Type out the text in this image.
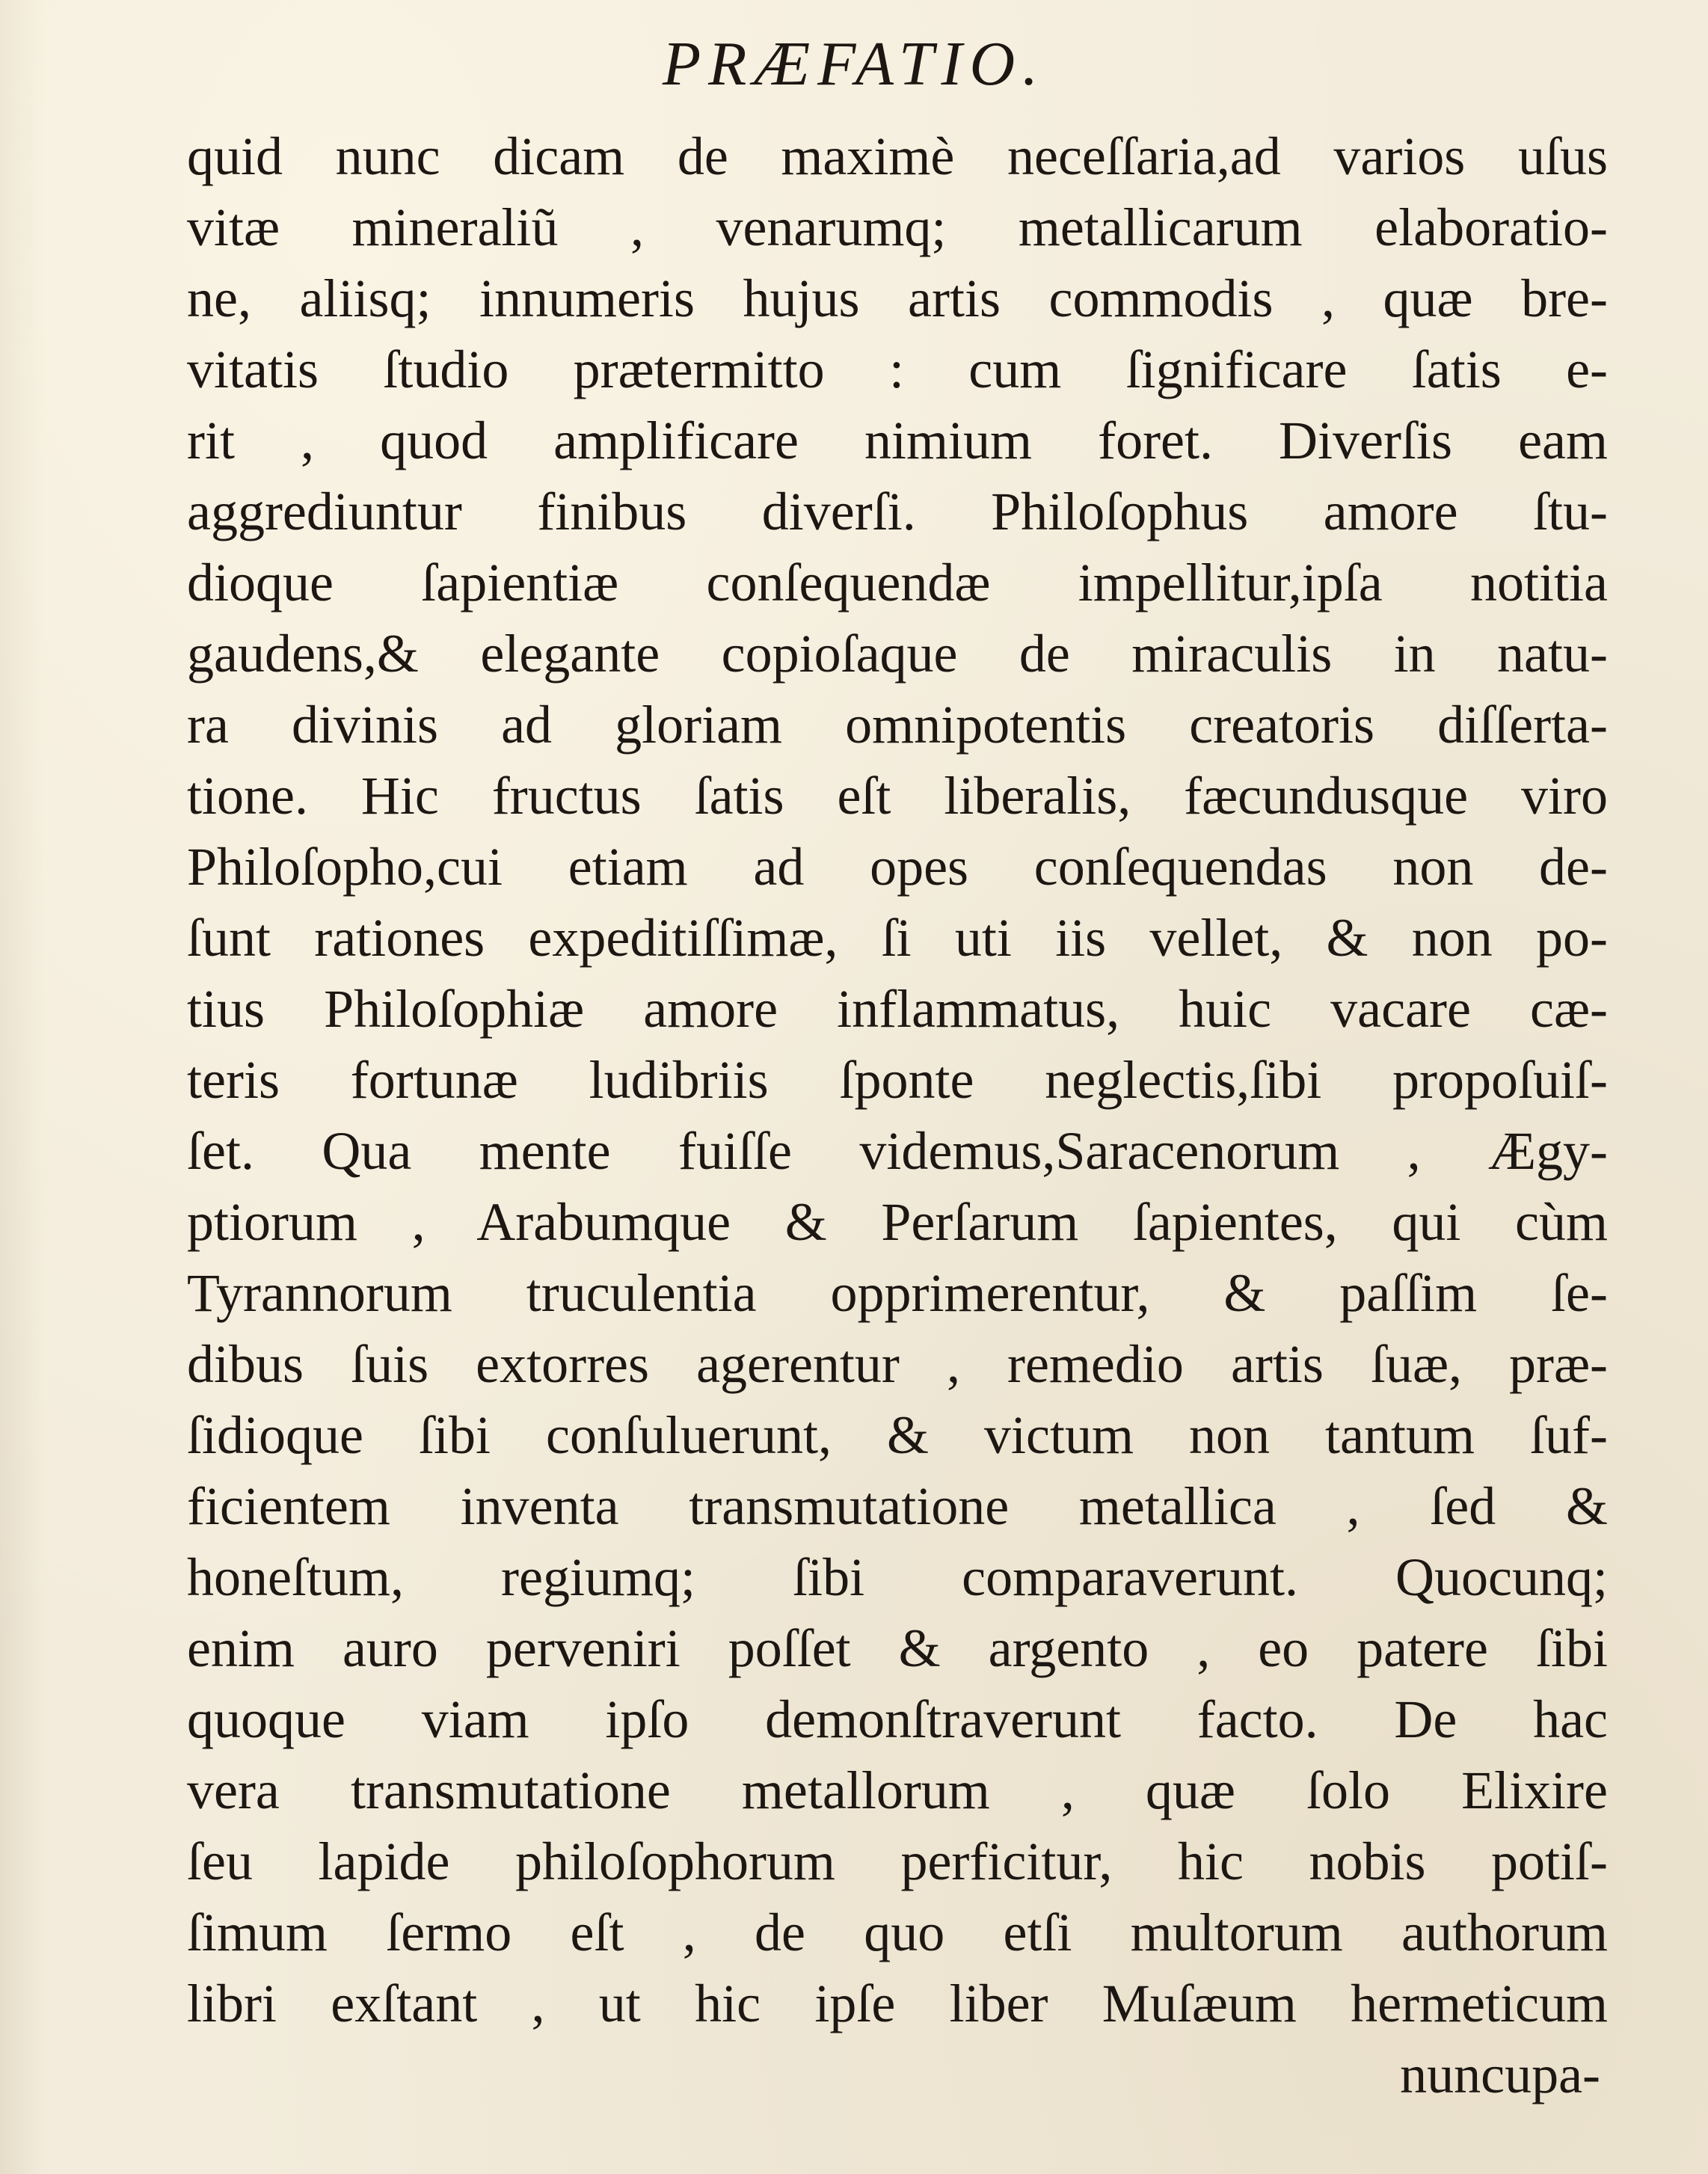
PRÆFATIO.
quid nunc dicam de maximè neceſſaria,ad varios uſus
vitæ mineraliũ , venarumq; metallicarum elaboratio-
ne, aliisq; innumeris hujus artis commodis , quæ bre-
vitatis ſtudio prætermitto : cum ſignificare ſatis e-
rit , quod amplificare nimium foret. Diverſis eam
aggrediuntur finibus diverſi. Philoſophus amore ſtu-
dioque ſapientiæ conſequendæ impellitur,ipſa notitia
gaudens,& elegante copioſaque de miraculis in natu-
ra divinis ad gloriam omnipotentis creatoris diſſerta-
tione. Hic fructus ſatis eſt liberalis, fæcundusque viro
Philoſopho,cui etiam ad opes conſequendas non de-
ſunt rationes expeditiſſimæ, ſi uti iis vellet, & non po-
tius Philoſophiæ amore inflammatus, huic vacare cæ-
teris fortunæ ludibriis ſponte neglectis,ſibi propoſuiſ-
ſet. Qua mente fuiſſe videmus,Saracenorum , Ægy-
ptiorum , Arabumque & Perſarum ſapientes, qui cùm
Tyrannorum truculentia opprimerentur, & paſſim ſe-
dibus ſuis extorres agerentur , remedio artis ſuæ, præ-
ſidioque ſibi conſuluerunt, & victum non tantum ſuf-
ficientem inventa transmutatione metallica , ſed &
honeſtum, regiumq; ſibi comparaverunt. Quocunq;
enim auro perveniri poſſet & argento , eo patere ſibi
quoque viam ipſo demonſtraverunt facto. De hac
vera transmutatione metallorum , quæ ſolo Elixire
ſeu lapide philoſophorum perficitur, hic nobis potiſ-
ſimum ſermo eſt , de quo etſi multorum authorum
libri exſtant , ut hic ipſe liber Muſæum hermeticum
nuncupa-
